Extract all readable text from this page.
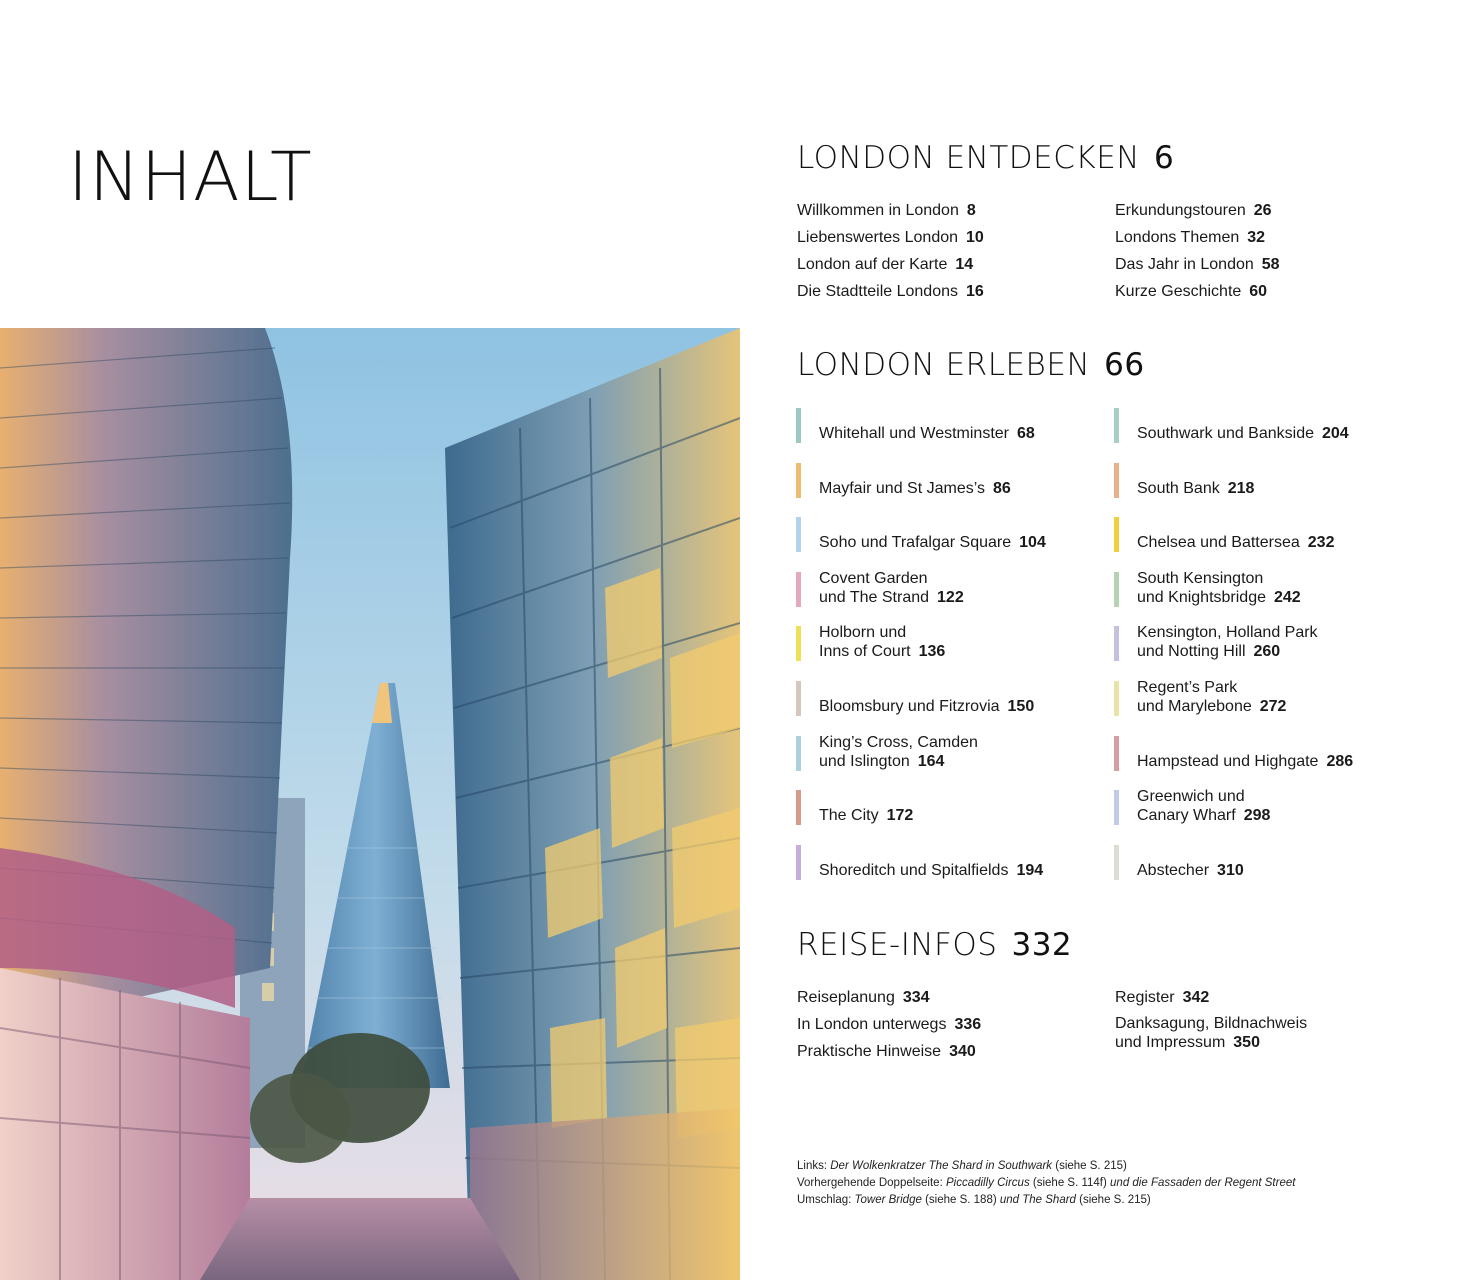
INHALT	LONDON ENTDECKEN 6
Willkommen in London 8
Liebenswertes London 10
London auf der Karte 14
Die Stadtteile Londons 16
Erkundungstouren 26
Londons Themen 32
Das Jahr in London 58
Kurze Geschichte 60
LONDON ERLEBEN 66
Whitehall und Westminster 68
Mayfair und St James’s 86
Soho und Trafalgar Square 104
Covent Garden
und The Strand 122
Holborn und
Inns of Court 136
Bloomsbury und Fitzrovia 150
King’s Cross, Camden
und Islington 164
The City 172
Shoreditch und Spitalfields 194
Southwark und Bankside 204
South Bank 218
Chelsea und Battersea 232
South Kensington
und Knightsbridge 242
Kensington, Holland Park
und Notting Hill 260
Regent’s Park
und Marylebone 272
Hampstead und Highgate 286
Greenwich und
Canary Wharf 298
Abstecher 310
REISE-INFOS 332
Reiseplanung 334
In London unterwegs 336
Praktische Hinweise 340
Register 342
Danksagung, Bildnachweis
und Impressum 350
Links: Der Wolkenkratzer The Shard in Southwark (siehe S. 215)
Vorhergehende Doppelseite: Piccadilly Circus (siehe S. 114f) und die Fassaden der Regent Street
Umschlag: Tower Bridge (siehe S. 188) und The Shard (siehe S. 215)
